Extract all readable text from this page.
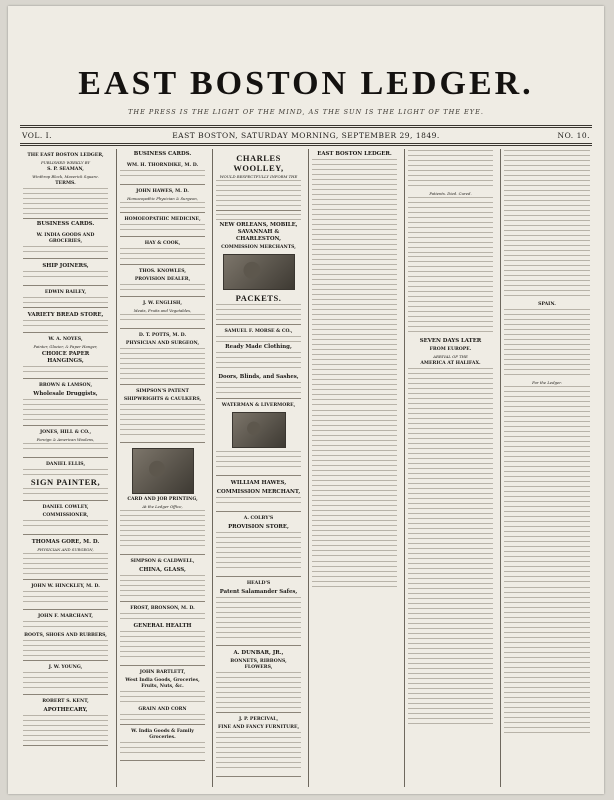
EAST BOSTON LEDGER.
THE PRESS IS THE LIGHT OF THE MIND, AS THE SUN IS THE LIGHT OF THE EYE.
VOL. I.	EAST BOSTON, SATURDAY MORNING, SEPTEMBER 29, 1849.	NO. 10.
THE EAST BOSTON LEDGER,
PUBLISHED WEEKLY BY
S. P. SEAMAN,
Winthrop Block, Maverick Square.
TERMS.
BUSINESS CARDS.
W. INDIA GOODS AND GROCERIES,
SHIP JOINERS,
EDWIN BAILEY,
VARIETY BREAD STORE,
W. A. NOYES,
Painter, Glazier, & Paper Hanger,
CHOICE PAPER HANGINGS,
BROWN & LAMSON,
Wholesale Druggists,
JONES, HILL & CO.,
Foreign & American Woolens,
DANIEL ELLIS,
SIGN PAINTER,
DANIEL COWLEY,
COMMISSIONER,
THOMAS GORE, M. D.
PHYSICIAN AND SURGEON,
JOHN W. HINCKLEY, M. D.
JOHN F. MARCHANT,
BOOTS, SHOES AND RUBBERS,
J. W. YOUNG,
ROBERT S. KENT,
APOTHECARY,
BUSINESS CARDS.
WM. H. THORNDIKE, M. D.
JOHN HAWES, M. D.
Homoeopathic Physician & Surgeon,
HOMOEOPATHIC MEDICINE,
HAY & COOK,
THOS. KNOWLES,
PROVISION DEALER,
J. W. ENGLISH,
Meats, Fruits and Vegetables,
D. T. POTTS, M. D.
PHYSICIAN AND SURGEON,
SIMPSON'S PATENT
SHIPWRIGHTS & CAULKERS,
CARD AND JOB PRINTING,
At the Ledger Office,
SIMPSON & CALDWELL,
CHINA, GLASS,
FROST, BRONSON, M. D.
GENERAL HEALTH
JOHN BARTLETT,
West India Goods, Groceries, Fruits, Nuts, &c.
GRAIN AND CORN
W. India Goods & Family Groceries.
CHARLES WOOLLEY,
WOULD RESPECTFULLY INFORM THE
NEW ORLEANS, MOBILE, SAVANNAH & CHARLESTON,
COMMISSION MERCHANTS,
PACKETS.
SAMUEL F. MORSE & CO.,
Ready Made Clothing,
Doors, Blinds, and Sashes,
WATERMAN & LIVERMORE,
WILLIAM HAWES,
COMMISSION MERCHANT,
A. COLBY'S
PROVISION STORE,
HEALD'S
Patent Salamander Safes,
A. DUNBAR, JR.,
BONNETS, RIBBONS, FLOWERS,
J. P. PERCIVAL,
FINE AND FANCY FURNITURE,
EAST BOSTON LEDGER.
Patients. Died. Cured.
SEVEN DAYS LATER
FROM EUROPE.
ARRIVAL OF THE
AMERICA AT HALIFAX.
SPAIN.
For the Ledger.
